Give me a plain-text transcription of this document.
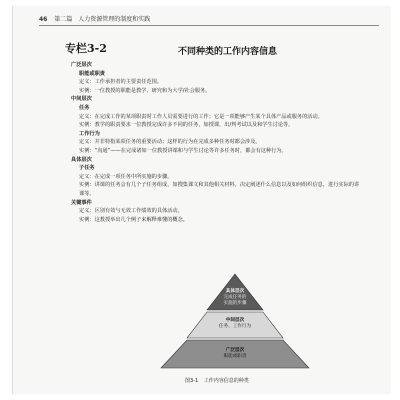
46 第二篇　人力资源管理的制度和实践
专栏3-2	不同种类的工作内容信息
广泛层次
职能或职责
定义：工作承担者的主要责任范围。
实例：一位教授的职能是教学、研究和为大学/社会服务。
中间层次
任务
定义：在完成工作的某项职责时工作人员需要进行的工作；它是一项能够产生某个具体产品或服务的活动。
实例：教学的职责要求一位教授完成许多不同的任务，如授课，出/判考试以及和学生讨论等。
工作行为
定义：并非特指某项任务的重要活动；这样的行为在完成多种任务时都会涉及。
实例：“沟通”——在完成诸如一位教授讲课和与学生讨论等许多任务时，都会有这种行为。
具体层次
子任务
定义：在完成一项任务中所实施的步骤。
实例：讲课的任务会有几个子任务组成，如搜集课文和其他相关材料，决定阐述什么信息以及如何组织信息，进行实际的讲课等。
关键事件
定义：区别有效与无效工作绩效的具体活动。
实例：这教授举出几个例子来解释难懂的概念。
具体层次
完成任务的
实施的步骤
中间层次
任务、工作行为
广泛层次
职能或职责
图3-1 工作内容信息的种类
